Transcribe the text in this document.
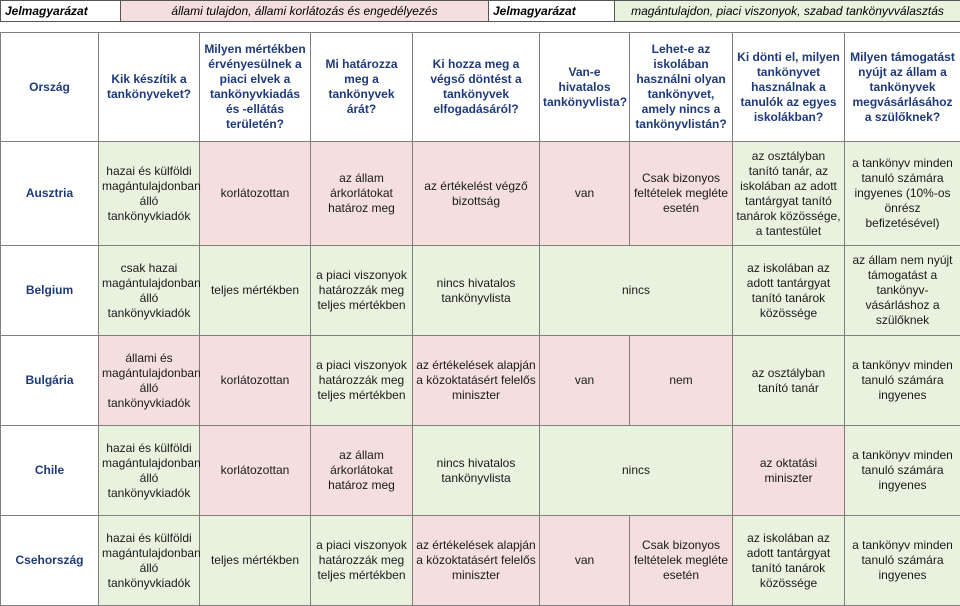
Jelmagyarázat	állami tulajdon, állami korlátozás és engedélyezés	Jelmagyarázat	magántulajdon, piaci viszonyok, szabad tankönyvválasztás
Ország	Kik készítik a tankönyveket?	Milyen mértékben érvényesülnek a piaci elvek a tankönyvkiadás és -ellátás területén?	Mi határozza meg a tankönyvek árát?	Ki hozza meg a végső döntést a tankönyvek elfogadásáról?	Van-e hivatalos tankönyvlista?	Lehet-e az iskolában használni olyan tankönyvet, amely nincs a tankönyvlistán?	Ki dönti el, milyen tankönyvet használnak a tanulók az egyes iskolákban?	Milyen támogatást nyújt az állam a tankönyvek megvásárlásához a szülőknek?
Ausztria	hazai és külföldi magántulajdonban álló tankönyvkiadók	korlátozottan	az állam árkorlátokat határoz meg	az értékelést végző bizottság	van	Csak bizonyos feltételek megléte esetén	az osztályban tanító tanár, az iskolában az adott tantárgyat tanító tanárok közössége, a tantestület	a tankönyv minden tanuló számára ingyenes (10%-os önrész befizetésével)
Belgium	csak hazai magántulajdonban álló tankönyvkiadók	teljes mértékben	a piaci viszonyok határozzák meg teljes mértékben	nincs hivatalos tankönyvlista	nincs		az iskolában az adott tantárgyat tanító tanárok közössége	az állam nem nyújt támogatást a tankönyv-vásárláshoz a szülőknek
Bulgária	állami és magántulajdonban álló tankönyvkiadók	korlátozottan	a piaci viszonyok határozzák meg teljes mértékben	az értékelések alapján a közoktatásért felelős miniszter	van	nem	az osztályban tanító tanár	a tankönyv minden tanuló számára ingyenes
Chile	hazai és külföldi magántulajdonban álló tankönyvkiadók	korlátozottan	az állam árkorlátokat határoz meg	nincs hivatalos tankönyvlista	nincs		az oktatási miniszter	a tankönyv minden tanuló számára ingyenes
Csehország	hazai és külföldi magántulajdonban álló tankönyvkiadók	teljes mértékben	a piaci viszonyok határozzák meg teljes mértékben	az értékelések alapján a közoktatásért felelős miniszter	van	Csak bizonyos feltételek megléte esetén	az iskolában az adott tantárgyat tanító tanárok közössége	a tankönyv minden tanuló számára ingyenes
